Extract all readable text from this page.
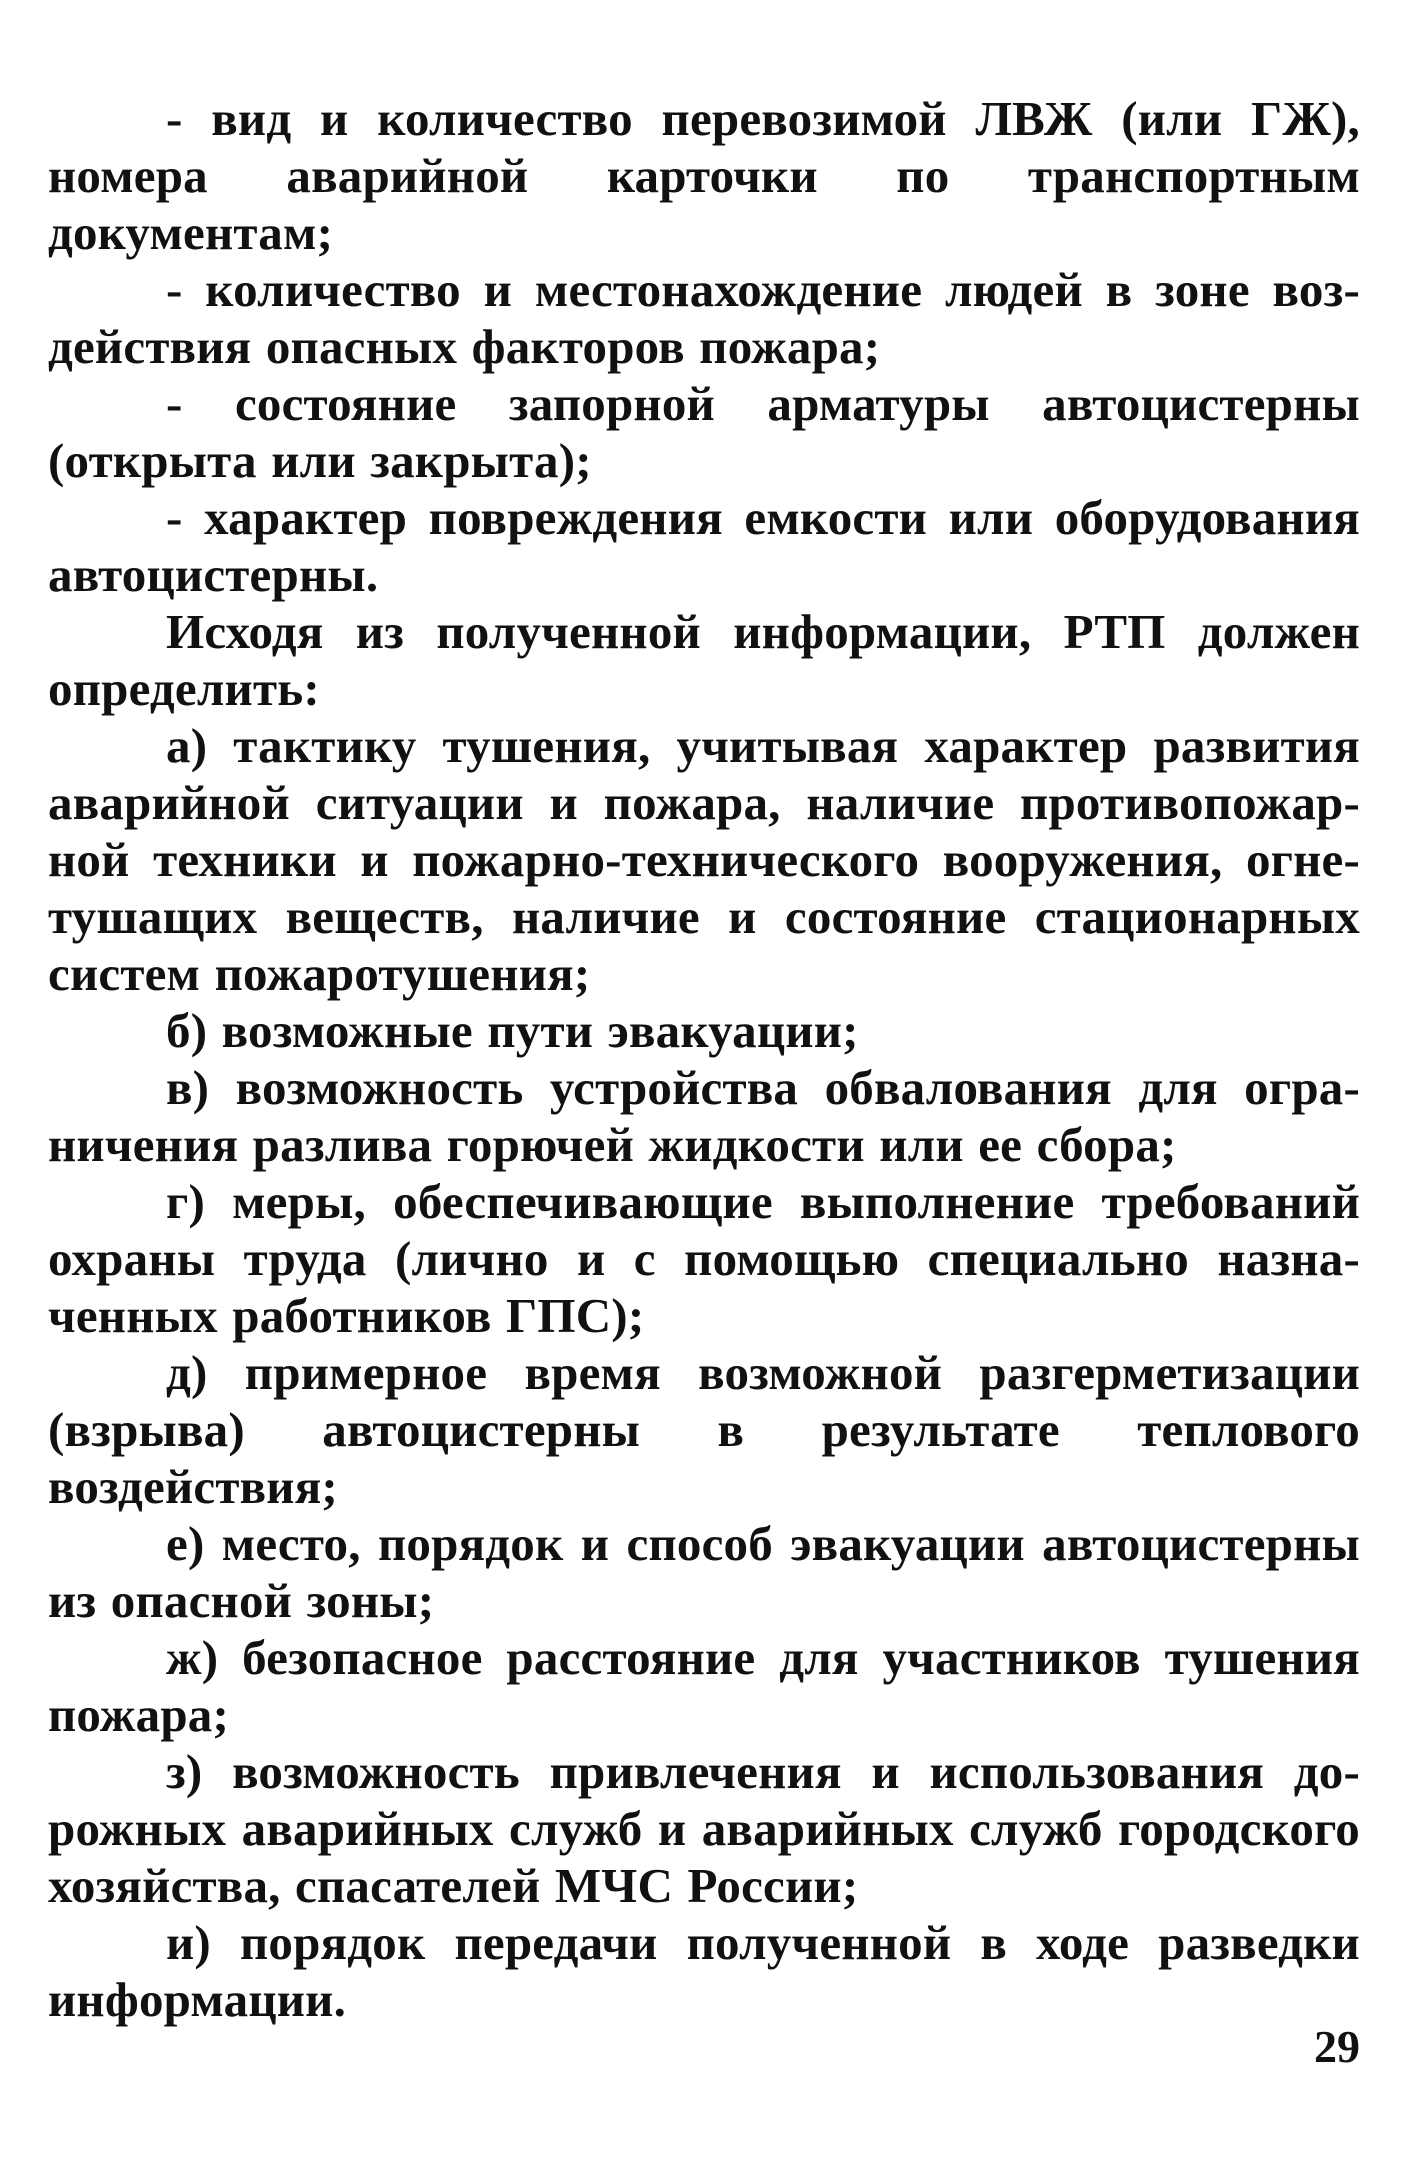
- вид и количество перевозимой ЛВЖ (или ГЖ), номера аварийной карточки по транспортным документам;

- количество и местонахождение людей в зоне воз-действия опасных факторов пожара;

- состояние запорной арматуры автоцистерны (открыта или закрыта);

- характер повреждения емкости или оборудования автоцистерны.

Исходя из полученной информации, РТП должен определить:

а) тактику тушения, учитывая характер развития аварийной ситуации и пожара, наличие противопожар-ной техники и пожарно-технического вооружения, огне-тушащих веществ, наличие и состояние стационарных систем пожаротушения;

б) возможные пути эвакуации;

в) возможность устройства обвалования для огра-ничения разлива горючей жидкости или ее сбора;

г) меры, обеспечивающие выполнение требований охраны труда (лично и с помощью специально назна-ченных работников ГПС);

д) примерное время возможной разгерметизации (взрыва) автоцистерны в результате теплового воздействия;

е) место, порядок и способ эвакуации автоцистерны из опасной зоны;

ж) безопасное расстояние для участников тушения пожара;

з) возможность привлечения и использования до-рожных аварийных служб и аварийных служб городского хозяйства, спасателей МЧС России;

и) порядок передачи полученной в ходе разведки информации.

29
